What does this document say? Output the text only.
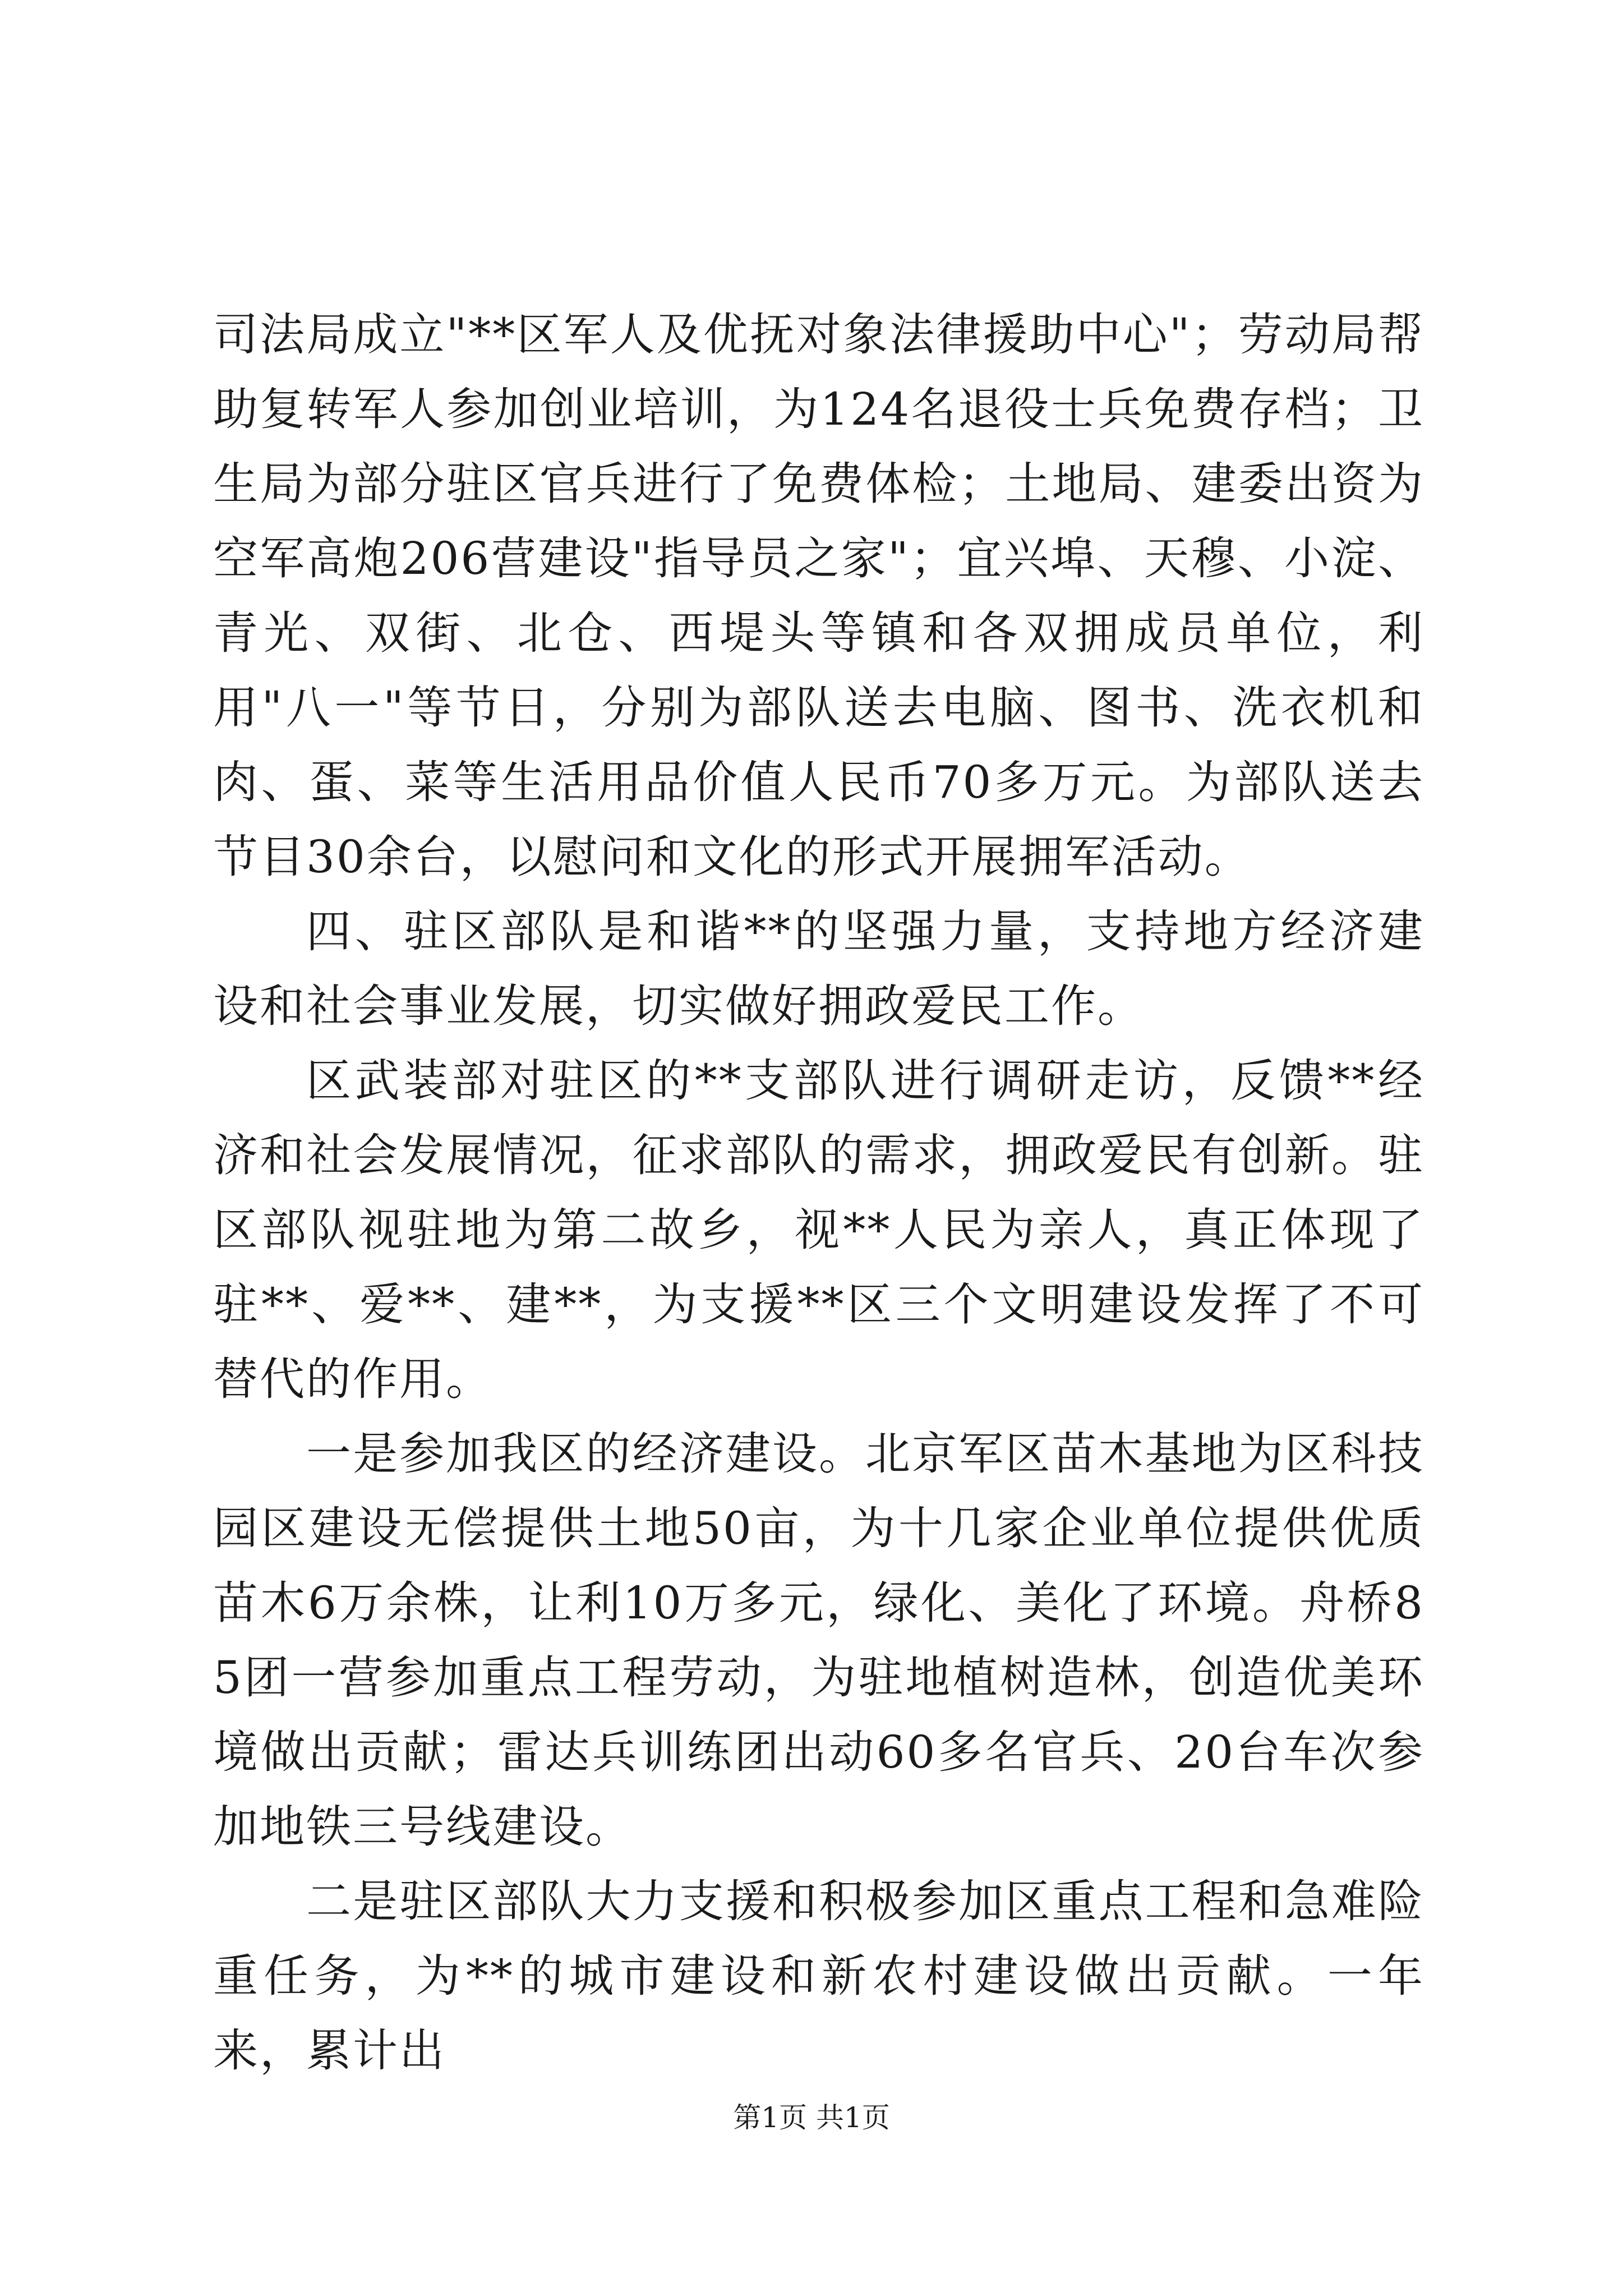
司法局成立"**区军人及优抚对象法律援助中心"；劳动局帮助复转军人参加创业培训，为124名退役士兵免费存档；卫生局为部分驻区官兵进行了免费体检；土地局、建委出资为空军高炮206营建设"指导员之家"；宜兴埠、天穆、小淀、青光、双街、北仓、西堤头等镇和各双拥成员单位，利用"八一"等节日，分别为部队送去电脑、图书、洗衣机和肉、蛋、菜等生活用品价值人民币70多万元。为部队送去节目30余台，以慰问和文化的形式开展拥军活动。

四、驻区部队是和谐**的坚强力量，支持地方经济建设和社会事业发展，切实做好拥政爱民工作。

区武装部对驻区的**支部队进行调研走访，反馈**经济和社会发展情况，征求部队的需求，拥政爱民有创新。驻区部队视驻地为第二故乡，视**人民为亲人，真正体现了驻**、爱**、建**，为支援**区三个文明建设发挥了不可替代的作用。

一是参加我区的经济建设。北京军区苗木基地为区科技园区建设无偿提供土地50亩，为十几家企业单位提供优质苗木6万余株，让利10万多元，绿化、美化了环境。舟桥85团一营参加重点工程劳动，为驻地植树造林，创造优美环境做出贡献；雷达兵训练团出动60多名官兵、20台车次参加地铁三号线建设。

二是驻区部队大力支援和积极参加区重点工程和急难险重任务，为**的城市建设和新农村建设做出贡献。一年来，累计出

第1页 共1页
